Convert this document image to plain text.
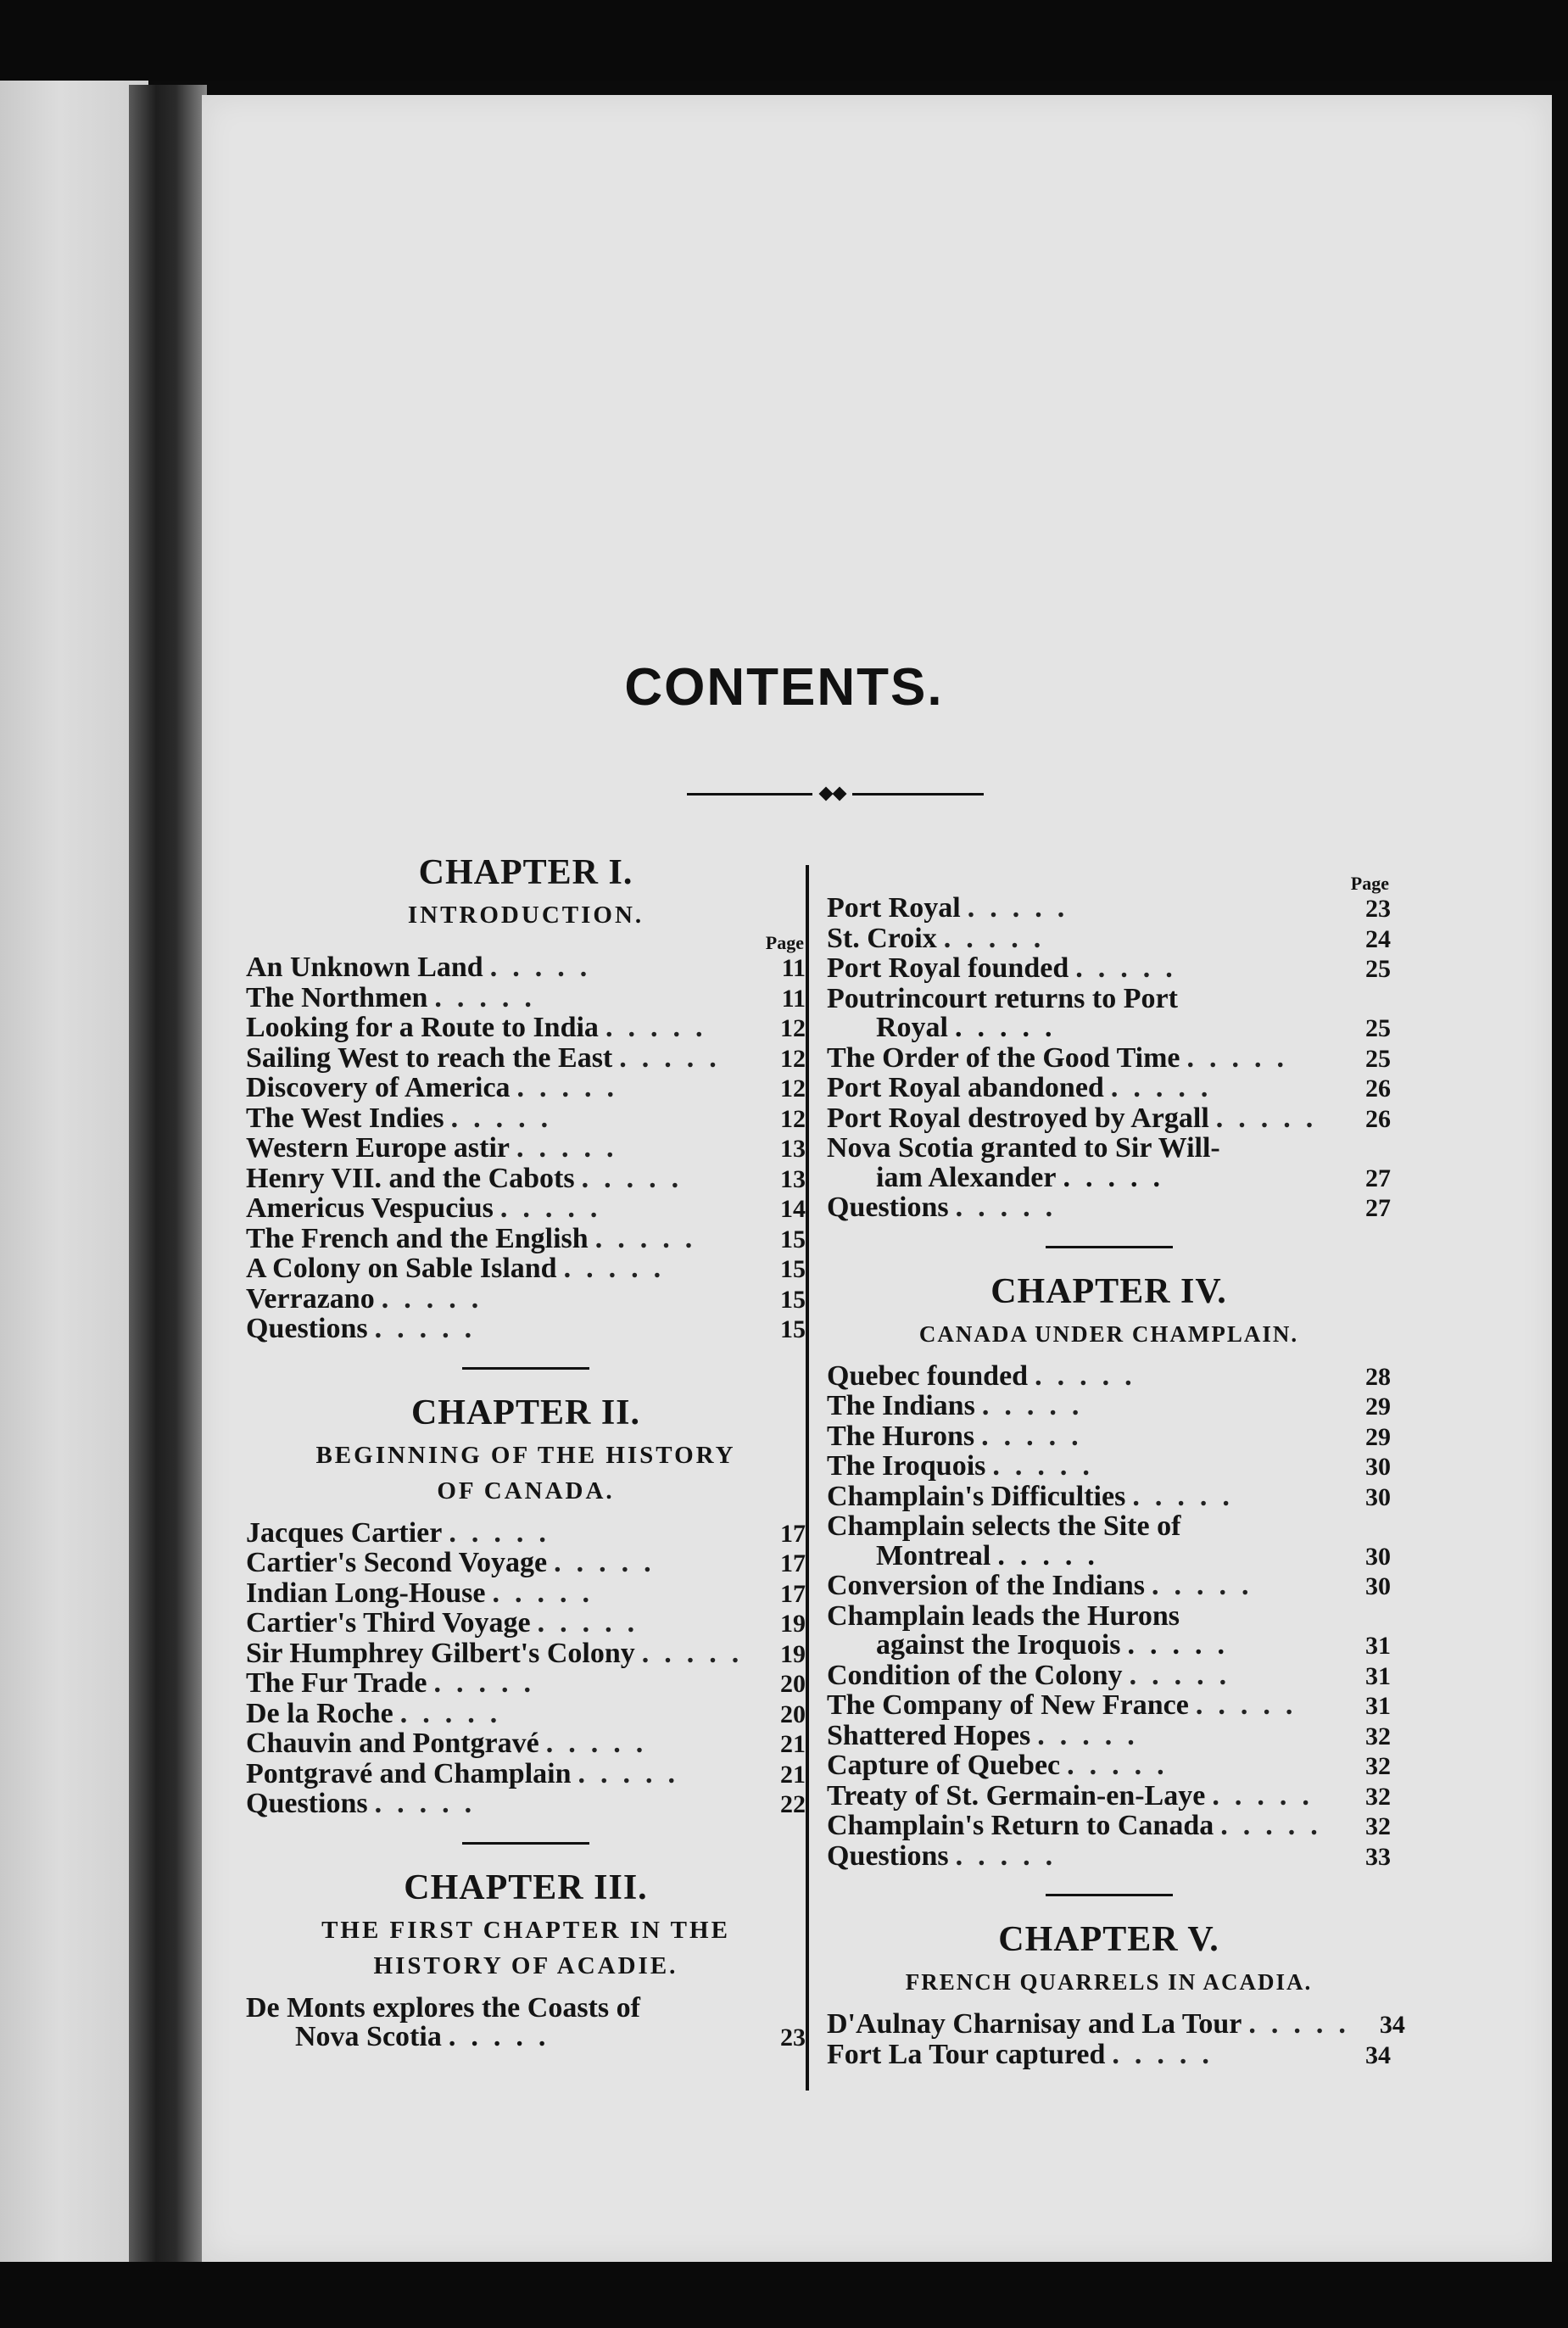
CONTENTS.
CHAPTER I.
INTRODUCTION.
Page
An Unknown Land .....	11
The Northmen .....	11
Looking for a Route to India .....	12
Sailing West to reach the East .....	12
Discovery of America .....	12
The West Indies .....	12
Western Europe astir .....	13
Henry VII. and the Cabots .....	13
Americus Vespucius .....	14
The French and the English .....	15
A Colony on Sable Island .....	15
Verrazano .....	15
Questions .....	15
CHAPTER II.
BEGINNING OF THE HISTORY
OF CANADA.
Jacques Cartier .....	17
Cartier's Second Voyage .....	17
Indian Long-House .....	17
Cartier's Third Voyage .....	19
Sir Humphrey Gilbert's Colony .....	19
The Fur Trade .....	20
De la Roche .....	20
Chauvin and Pontgravé .....	21
Pontgravé and Champlain .....	21
Questions .....	22
CHAPTER III.
THE FIRST CHAPTER IN THE
HISTORY OF ACADIE.
De Monts explores the Coasts of
Nova Scotia .....	23
Page
Port Royal .....	23
St. Croix .....	24
Port Royal founded .....	25
Poutrincourt returns to Port
Royal .....	25
The Order of the Good Time .....	25
Port Royal abandoned .....	26
Port Royal destroyed by Argall .....	26
Nova Scotia granted to Sir Will-
iam Alexander .....	27
Questions .....	27
CHAPTER IV.
CANADA UNDER CHAMPLAIN.
Quebec founded .....	28
The Indians .....	29
The Hurons .....	29
The Iroquois .....	30
Champlain's Difficulties .....	30
Champlain selects the Site of
Montreal .....	30
Conversion of the Indians .....	30
Champlain leads the Hurons
against the Iroquois .....	31
Condition of the Colony .....	31
The Company of New France .....	31
Shattered Hopes .....	32
Capture of Quebec .....	32
Treaty of St. Germain-en-Laye .....	32
Champlain's Return to Canada .....	32
Questions .....	33
CHAPTER V.
FRENCH QUARRELS IN ACADIA.
D'Aulnay Charnisay and La Tour ..... 34
Fort La Tour captured .....	34
